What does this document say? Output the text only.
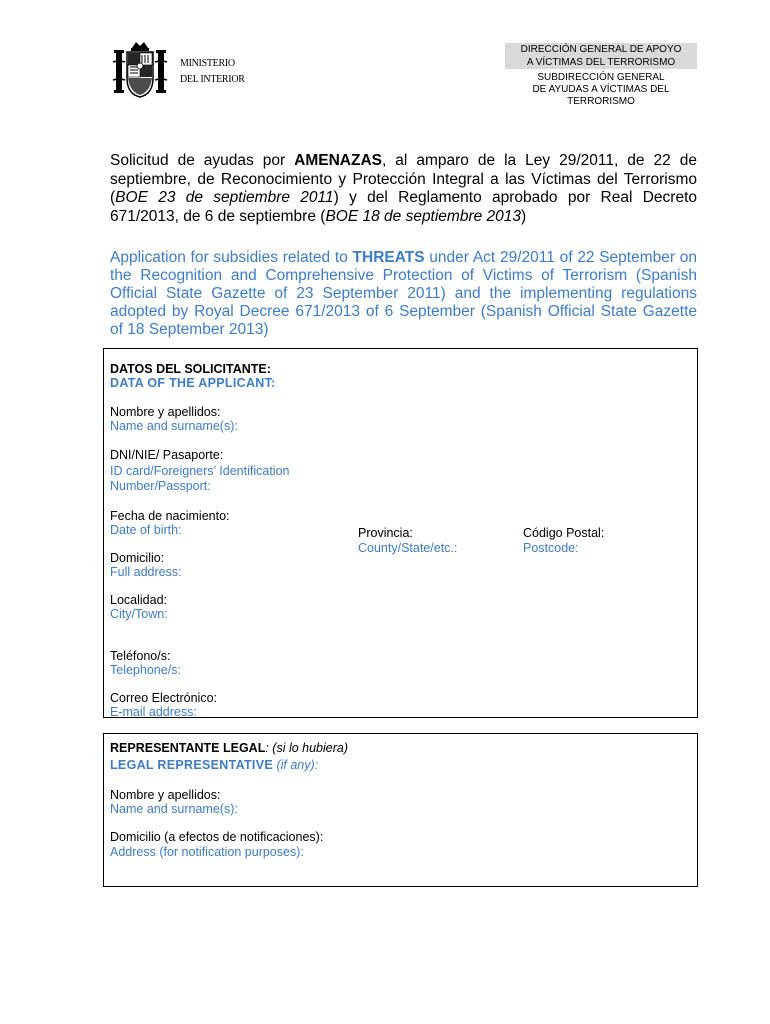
MINISTERIO
DEL INTERIOR
DIRECCIÓN GENERAL DE APOYO
A VÍCTIMAS DEL TERRORISMO
SUBDIRECCIÓN GENERAL
DE AYUDAS A VÍCTIMAS DEL
TERRORISMO
Solicitud de ayudas por AMENAZAS, al amparo de la Ley 29/2011, de 22 de septiembre, de Reconocimiento y Protección Integral a las Víctimas del Terrorismo (BOE 23 de septiembre 2011) y del Reglamento aprobado por Real Decreto 671/2013, de 6 de septiembre (BOE 18 de septiembre 2013)
Application for subsidies related to THREATS under Act 29/2011 of 22 September on the Recognition and Comprehensive Protection of Victims of Terrorism (Spanish Official State Gazette of 23 September 2011) and the implementing regulations adopted by Royal Decree 671/2013 of 6 September (Spanish Official State Gazette of 18 September 2013)
DATOS DEL SOLICITANTE:
DATA OF THE APPLICANT:
Nombre y apellidos:
Name and surname(s):
DNI/NIE/ Pasaporte:
ID card/Foreigners’ Identification
Number/Passport:
Fecha de nacimiento:
Date of birth:	Provincia:
County/State/etc.:
Código Postal:
Postcode:
Domicilio:
Full address:
Localidad:
City/Town:
Teléfono/s:
Telephone/s:
Correo Electrónico:
E-mail address:
REPRESENTANTE LEGAL: (si lo hubiera)
LEGAL REPRESENTATIVE (if any):
Nombre y apellidos:
Name and surname(s):
Domicilio (a efectos de notificaciones):
Address (for notification purposes):
